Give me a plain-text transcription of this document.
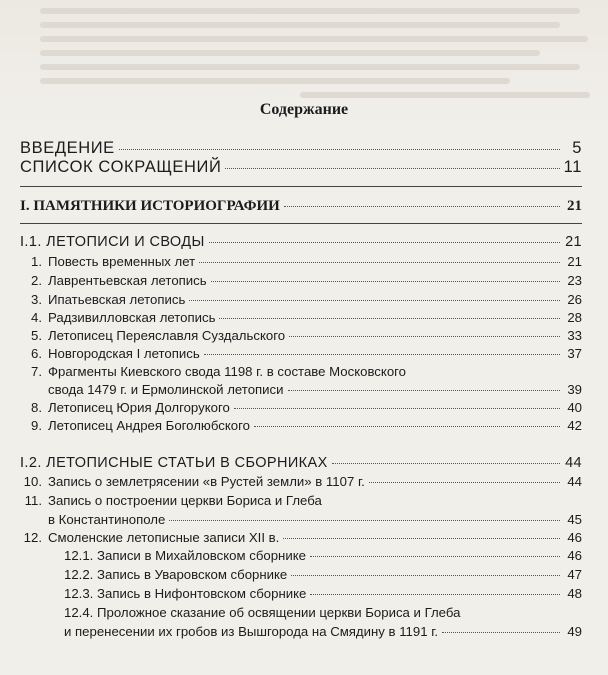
Содержание
ВВЕДЕНИЕ	5
СПИСОК СОКРАЩЕНИЙ	11
I. ПАМЯТНИКИ ИСТОРИОГРАФИИ	21
I.1. ЛЕТОПИСИ И СВОДЫ	21
1. Повесть временных лет	21
2. Лаврентьевская летопись	23
3. Ипатьевская летопись	26
4. Радзивилловская летопись	28
5. Летописец Переяславля Суздальского	33
6. Новгородская I летопись	37
7. Фрагменты Киевского свода 1198 г. в составе Московского
свода 1479 г. и Ермолинской летописи	39
8. Летописец Юрия Долгорукого	40
9. Летописец Андрея Боголюбского	42
I.2. ЛЕТОПИСНЫЕ СТАТЬИ В СБОРНИКАХ	44
10. Запись о землетрясении «в Рустей земли» в 1107 г.	44
11. Запись о построении церкви Бориса и Глеба
в Константинополе	45
12. Смоленские летописные записи XII в.	46
12.1. Записи в Михайловском сборнике	46
12.2. Запись в Уваровском сборнике	47
12.3. Запись в Нифонтовском сборнике	48
12.4. Проложное сказание об освящении церкви Бориса и Глеба
и перенесении их гробов из Вышгорода на Смядину в 1191 г.	49
